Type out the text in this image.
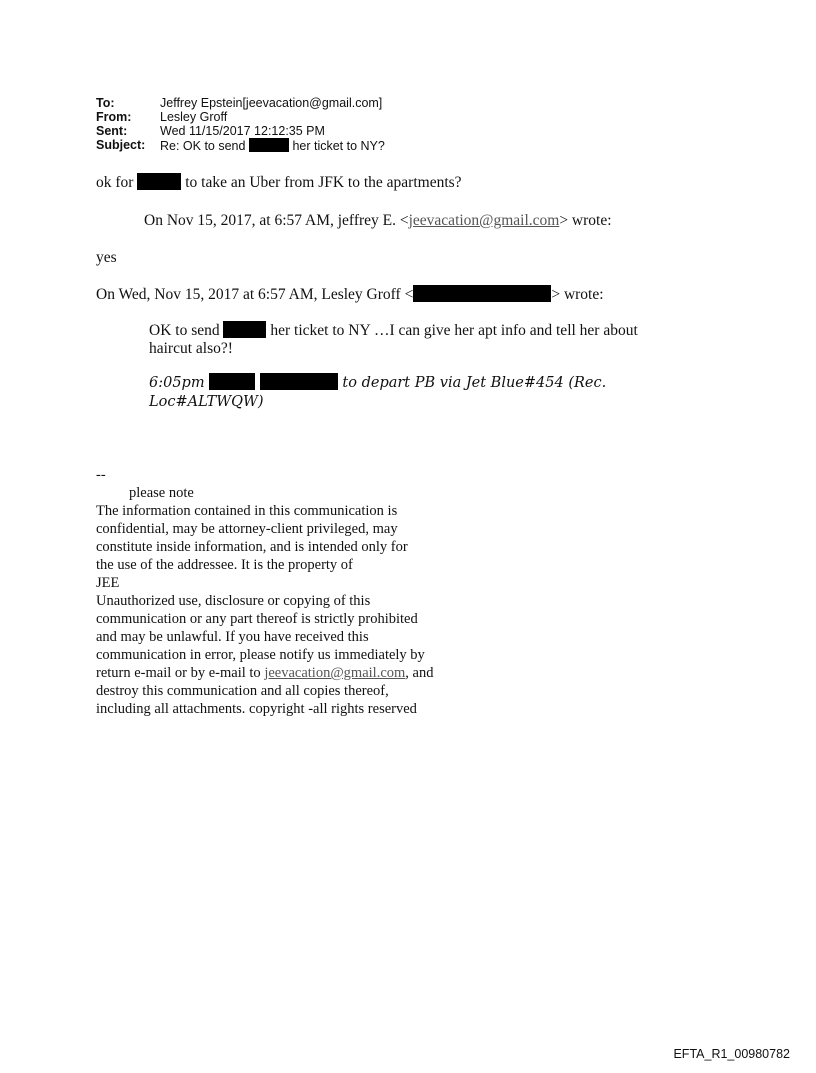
To:	Jeffrey Epstein[jeevacation@gmail.com]
From:	Lesley Groff
Sent:	Wed 11/15/2017 12:12:35 PM
Subject:	Re: OK to send	her ticket to NY?
ok for	to take an Uber from JFK to the apartments?
On Nov 15, 2017, at 6:57 AM, jeffrey E. <jeevacation@gmail.com> wrote:
yes
On Wed, Nov 15, 2017 at 6:57 AM, Lesley Groff <	> wrote:
OK to send	her ticket to NY …I can give her apt info and tell her about
haircut also?!
6:05pm	to depart PB via Jet Blue#454 (Rec.
Loc#ALTWQW)
--
please note
The information contained in this communication is
confidential, may be attorney-client privileged, may
constitute inside information, and is intended only for
the use of the addressee. It is the property of
JEE
Unauthorized use, disclosure or copying of this
communication or any part thereof is strictly prohibited
and may be unlawful. If you have received this
communication in error, please notify us immediately by
return e-mail or by e-mail to jeevacation@gmail.com, and
destroy this communication and all copies thereof,
including all attachments. copyright -all rights reserved
EFTA_R1_00980782
